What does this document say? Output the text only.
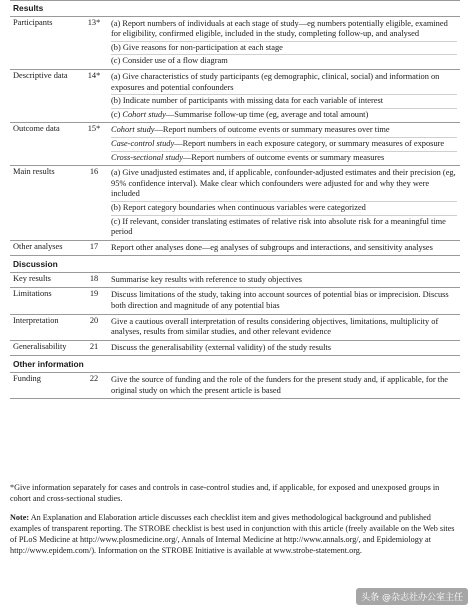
Results		
Participants	13*	(a) Report numbers of individuals at each stage of study—eg numbers potentially eligible, examined for eligibility, confirmed eligible, included in the study, completing follow-up, and analysed
(b) Give reasons for non-participation at each stage
(c) Consider use of a flow diagram

Descriptive data	14*	(a) Give characteristics of study participants (eg demographic, clinical, social) and information on exposures and potential confounders
(b) Indicate number of participants with missing data for each variable of interest
(c) Cohort study—Summarise follow-up time (eg, average and total amount)

Outcome data	15*	Cohort study—Report numbers of outcome events or summary measures over time
Case-control study—Report numbers in each exposure category, or summary measures of exposure
Cross-sectional study—Report numbers of outcome events or summary measures

Main results	16	(a) Give unadjusted estimates and, if applicable, confounder-adjusted estimates and their precision (eg, 95% confidence interval). Make clear which confounders were adjusted for and why they were included
(b) Report category boundaries when continuous variables were categorized
(c) If relevant, consider translating estimates of relative risk into absolute risk for a meaningful time period

Other analyses	17	Report other analyses done—eg analyses of subgroups and interactions, and sensitivity analyses

Discussion		
Key results	18	Summarise key results with reference to study objectives

Limitations	19	Discuss limitations of the study, taking into account sources of potential bias or imprecision. Discuss both direction and magnitude of any potential bias

Interpretation	20	Give a cautious overall interpretation of results considering objectives, limitations, multiplicity of analyses, results from similar studies, and other relevant evidence

Generalisability	21	Discuss the generalisability (external validity) of the study results

Other information		
Funding	22	Give the source of funding and the role of the funders for the present study and, if applicable, for the original study on which the present article is based

*Give information separately for cases and controls in case-control studies and, if applicable, for exposed and unexposed groups in cohort and cross-sectional studies.

Note: An Explanation and Elaboration article discusses each checklist item and gives methodological background and published examples of transparent reporting. The STROBE checklist is best used in conjunction with this article (freely available on the Web sites of PLoS Medicine at http://www.plosmedicine.org/, Annals of Internal Medicine at http://www.annals.org/, and Epidemiology at http://www.epidem.com/). Information on the STROBE Initiative is available at www.strobe-statement.org.

头条 @杂志社办公室主任
